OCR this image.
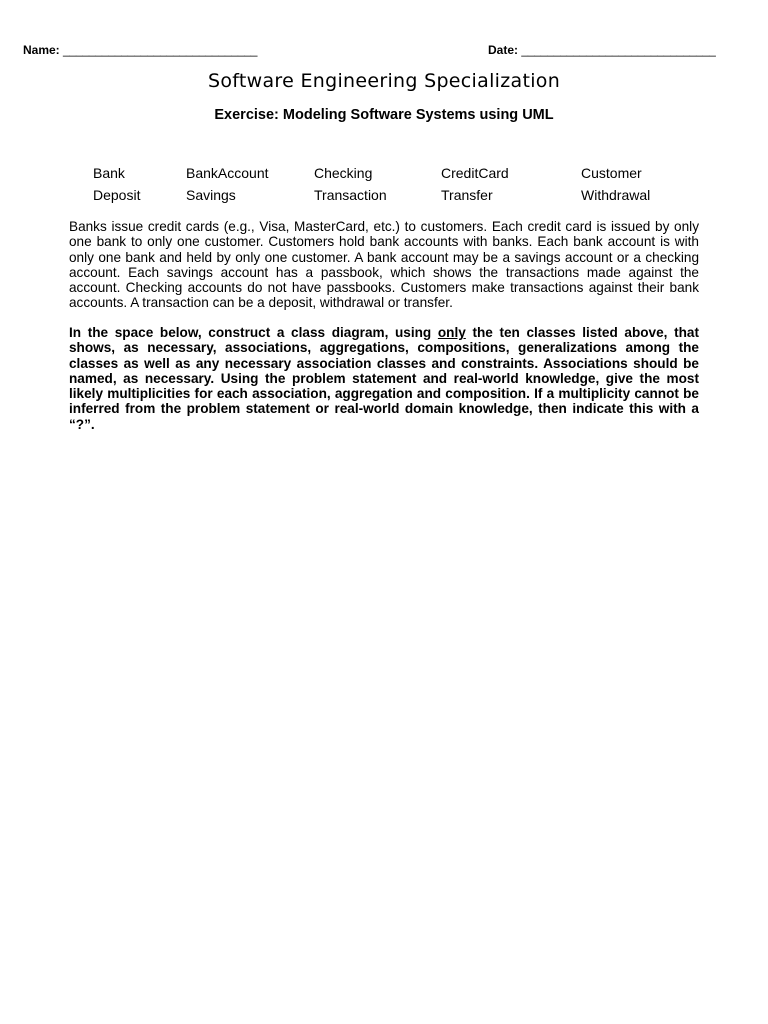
Name: ______________________________	Date: ______________________________
Software Engineering Specialization
Exercise: Modeling Software Systems using UML
Bank	BankAccount	Checking	CreditCard	Customer
Deposit	Savings	Transaction	Transfer	Withdrawal

Banks issue credit cards (e.g., Visa, MasterCard, etc.) to customers. Each credit card is issued by only one bank to only one customer. Customers hold bank accounts with banks. Each bank account is with only one bank and held by only one customer. A bank account may be a savings account or a checking account. Each savings account has a passbook, which shows the transactions made against the account. Checking accounts do not have passbooks. Customers make transactions against their bank accounts. A transaction can be a deposit, withdrawal or transfer.

In the space below, construct a class diagram, using only the ten classes listed above, that shows, as necessary, associations, aggregations, compositions, generalizations among the classes as well as any necessary association classes and constraints. Associations should be named, as necessary. Using the problem statement and real-world knowledge, give the most likely multiplicities for each association, aggregation and composition. If a multiplicity cannot be inferred from the problem statement or real-world domain knowledge, then indicate this with a “?”.
